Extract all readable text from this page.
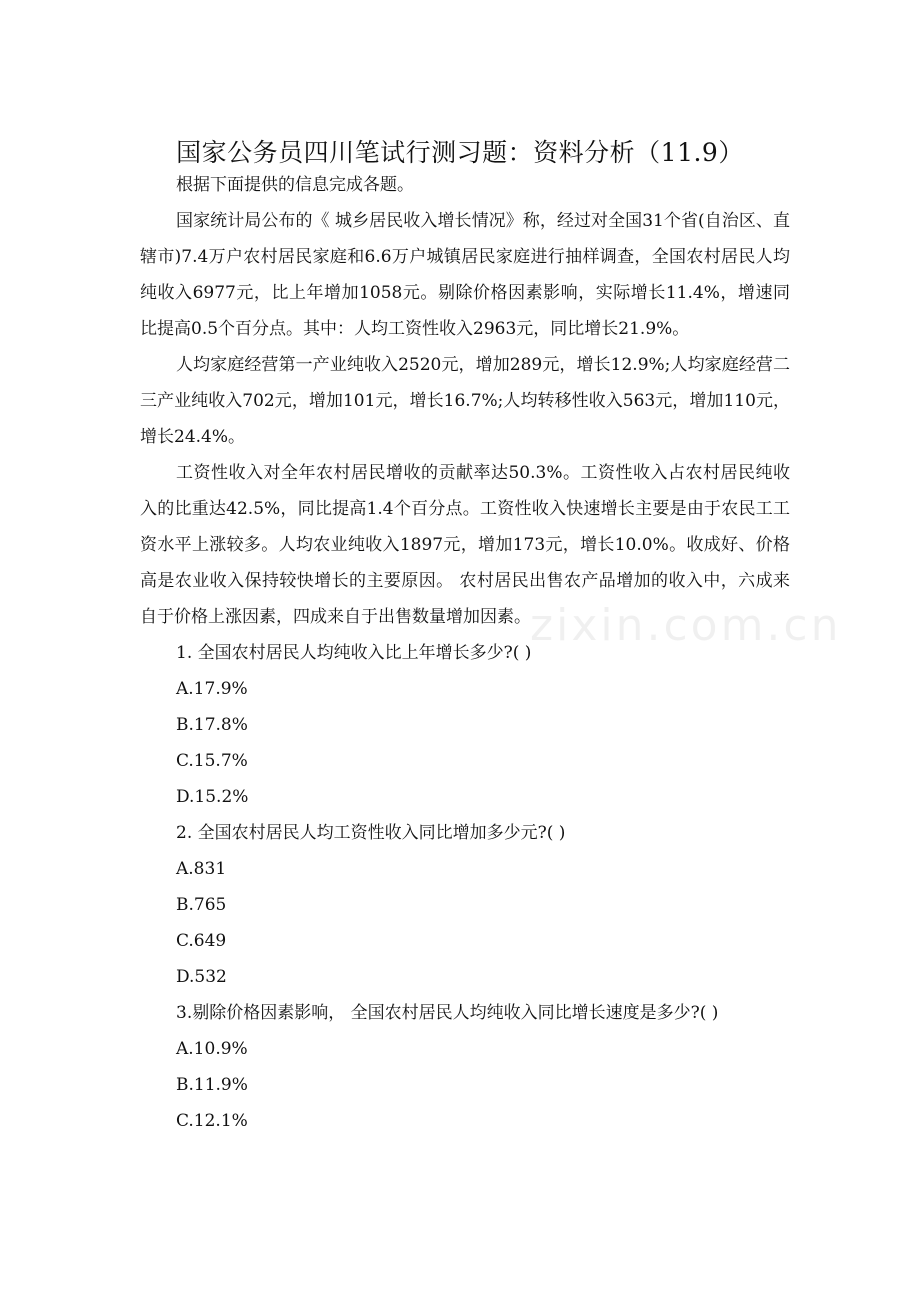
zixin.com.cn
国家公务员四川笔试行测习题：资料分析（11.9）

根据下面提供的信息完成各题。

国家统计局公布的《 城乡居民收入增长情况》称，经过对全国31个省(自治区、直辖市)7.4万户农村居民家庭和6.6万户城镇居民家庭进行抽样调查，全国农村居民人均纯收入6977元，比上年增加1058元。剔除价格因素影响，实际增长11.4%，增速同比提高0.5个百分点。其中：人均工资性收入2963元，同比增长21.9%。

人均家庭经营第一产业纯收入2520元，增加289元，增长12.9%;人均家庭经营二三产业纯收入702元，增加101元，增长16.7%;人均转移性收入563元，增加110元，增长24.4%。

工资性收入对全年农村居民增收的贡献率达50.3%。工资性收入占农村居民纯收入的比重达42.5%，同比提高1.4个百分点。工资性收入快速增长主要是由于农民工工资水平上涨较多。人均农业纯收入1897元，增加173元，增长10.0%。收成好、价格高是农业收入保持较快增长的主要原因。 农村居民出售农产品增加的收入中，六成来自于价格上涨因素，四成来自于出售数量增加因素。

1. 全国农村居民人均纯收入比上年增长多少?( )

A.17.9%

B.17.8%

C.15.7%

D.15.2%

2. 全国农村居民人均工资性收入同比增加多少元?( )

A.831

B.765

C.649

D.532

3.剔除价格因素影响， 全国农村居民人均纯收入同比增长速度是多少?( )

A.10.9%

B.11.9%

C.12.1%
